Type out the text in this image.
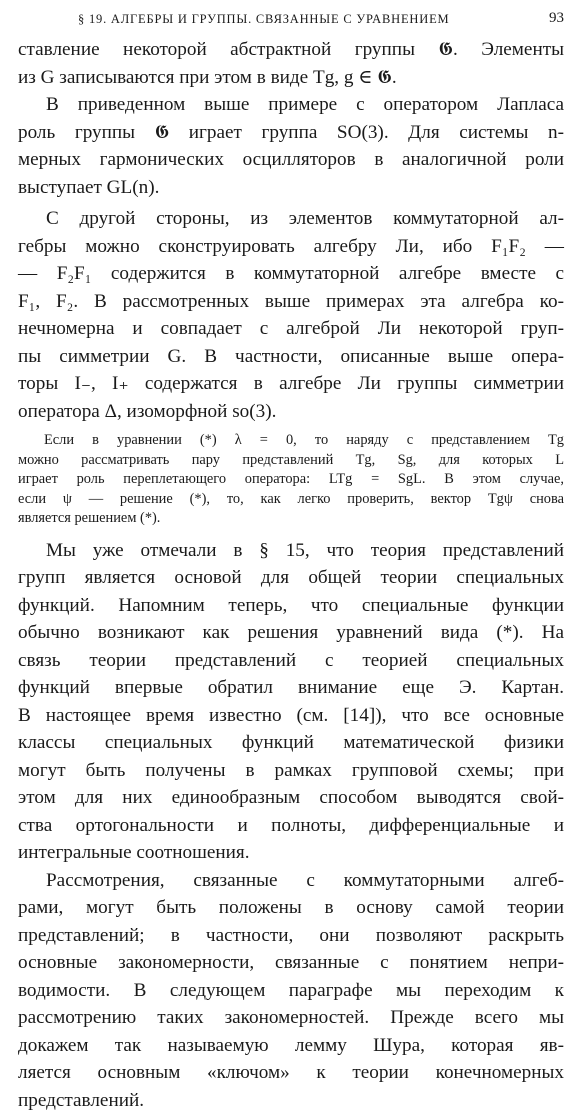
§ 19. АЛГЕБРЫ И ГРУППЫ. СВЯЗАННЫЕ С УРАВНЕНИЕМ	93
ставление некоторой абстрактной группы 𝕲. Элементы
из G записываются при этом в виде Tg, g ∈ 𝕲.
В приведенном выше примере с оператором Лапласа
роль группы 𝕲 играет группа SO(3). Для системы n-
мерных гармонических осцилляторов в аналогичной роли
выступает GL(n).
С другой стороны, из элементов коммутаторной ал-
гебры можно сконструировать алгебру Ли, ибо F₁F₂ —
— F₂F₁ содержится в коммутаторной алгебре вместе с
F₁, F₂. В рассмотренных выше примерах эта алгебра ко-
нечномерна и совпадает с алгеброй Ли некоторой груп-
пы симметрии G. В частности, описанные выше опера-
торы I₋, I₊ содержатся в алгебре Ли группы симметрии
оператора Δ, изоморфной so(3).
Если в уравнении (*) λ = 0, то наряду с представлением Tg
можно рассматривать пару представлений Tg, Sg, для которых L
играет роль переплетающего оператора: LTg = SgL. В этом случае,
если ψ — решение (*), то, как легко проверить, вектор Tgψ снова
является решением (*).
Мы уже отмечали в § 15, что теория представлений
групп является основой для общей теории специальных
функций. Напомним теперь, что специальные функции
обычно возникают как решения уравнений вида (*). На
связь теории представлений с теорией специальных
функций впервые обратил внимание еще Э. Картан.
В настоящее время известно (см. [14]), что все основные
классы специальных функций математической физики
могут быть получены в рамках групповой схемы; при
этом для них единообразным способом выводятся свой-
ства ортогональности и полноты, дифференциальные и
интегральные соотношения.
Рассмотрения, связанные с коммутаторными алгеб-
рами, могут быть положены в основу самой теории
представлений; в частности, они позволяют раскрыть
основные закономерности, связанные с понятием непри-
водимости. В следующем параграфе мы переходим к
рассмотрению таких закономерностей. Прежде всего мы
докажем так называемую лемму Шура, которая яв-
ляется основным «ключом» к теории конечномерных
представлений.
